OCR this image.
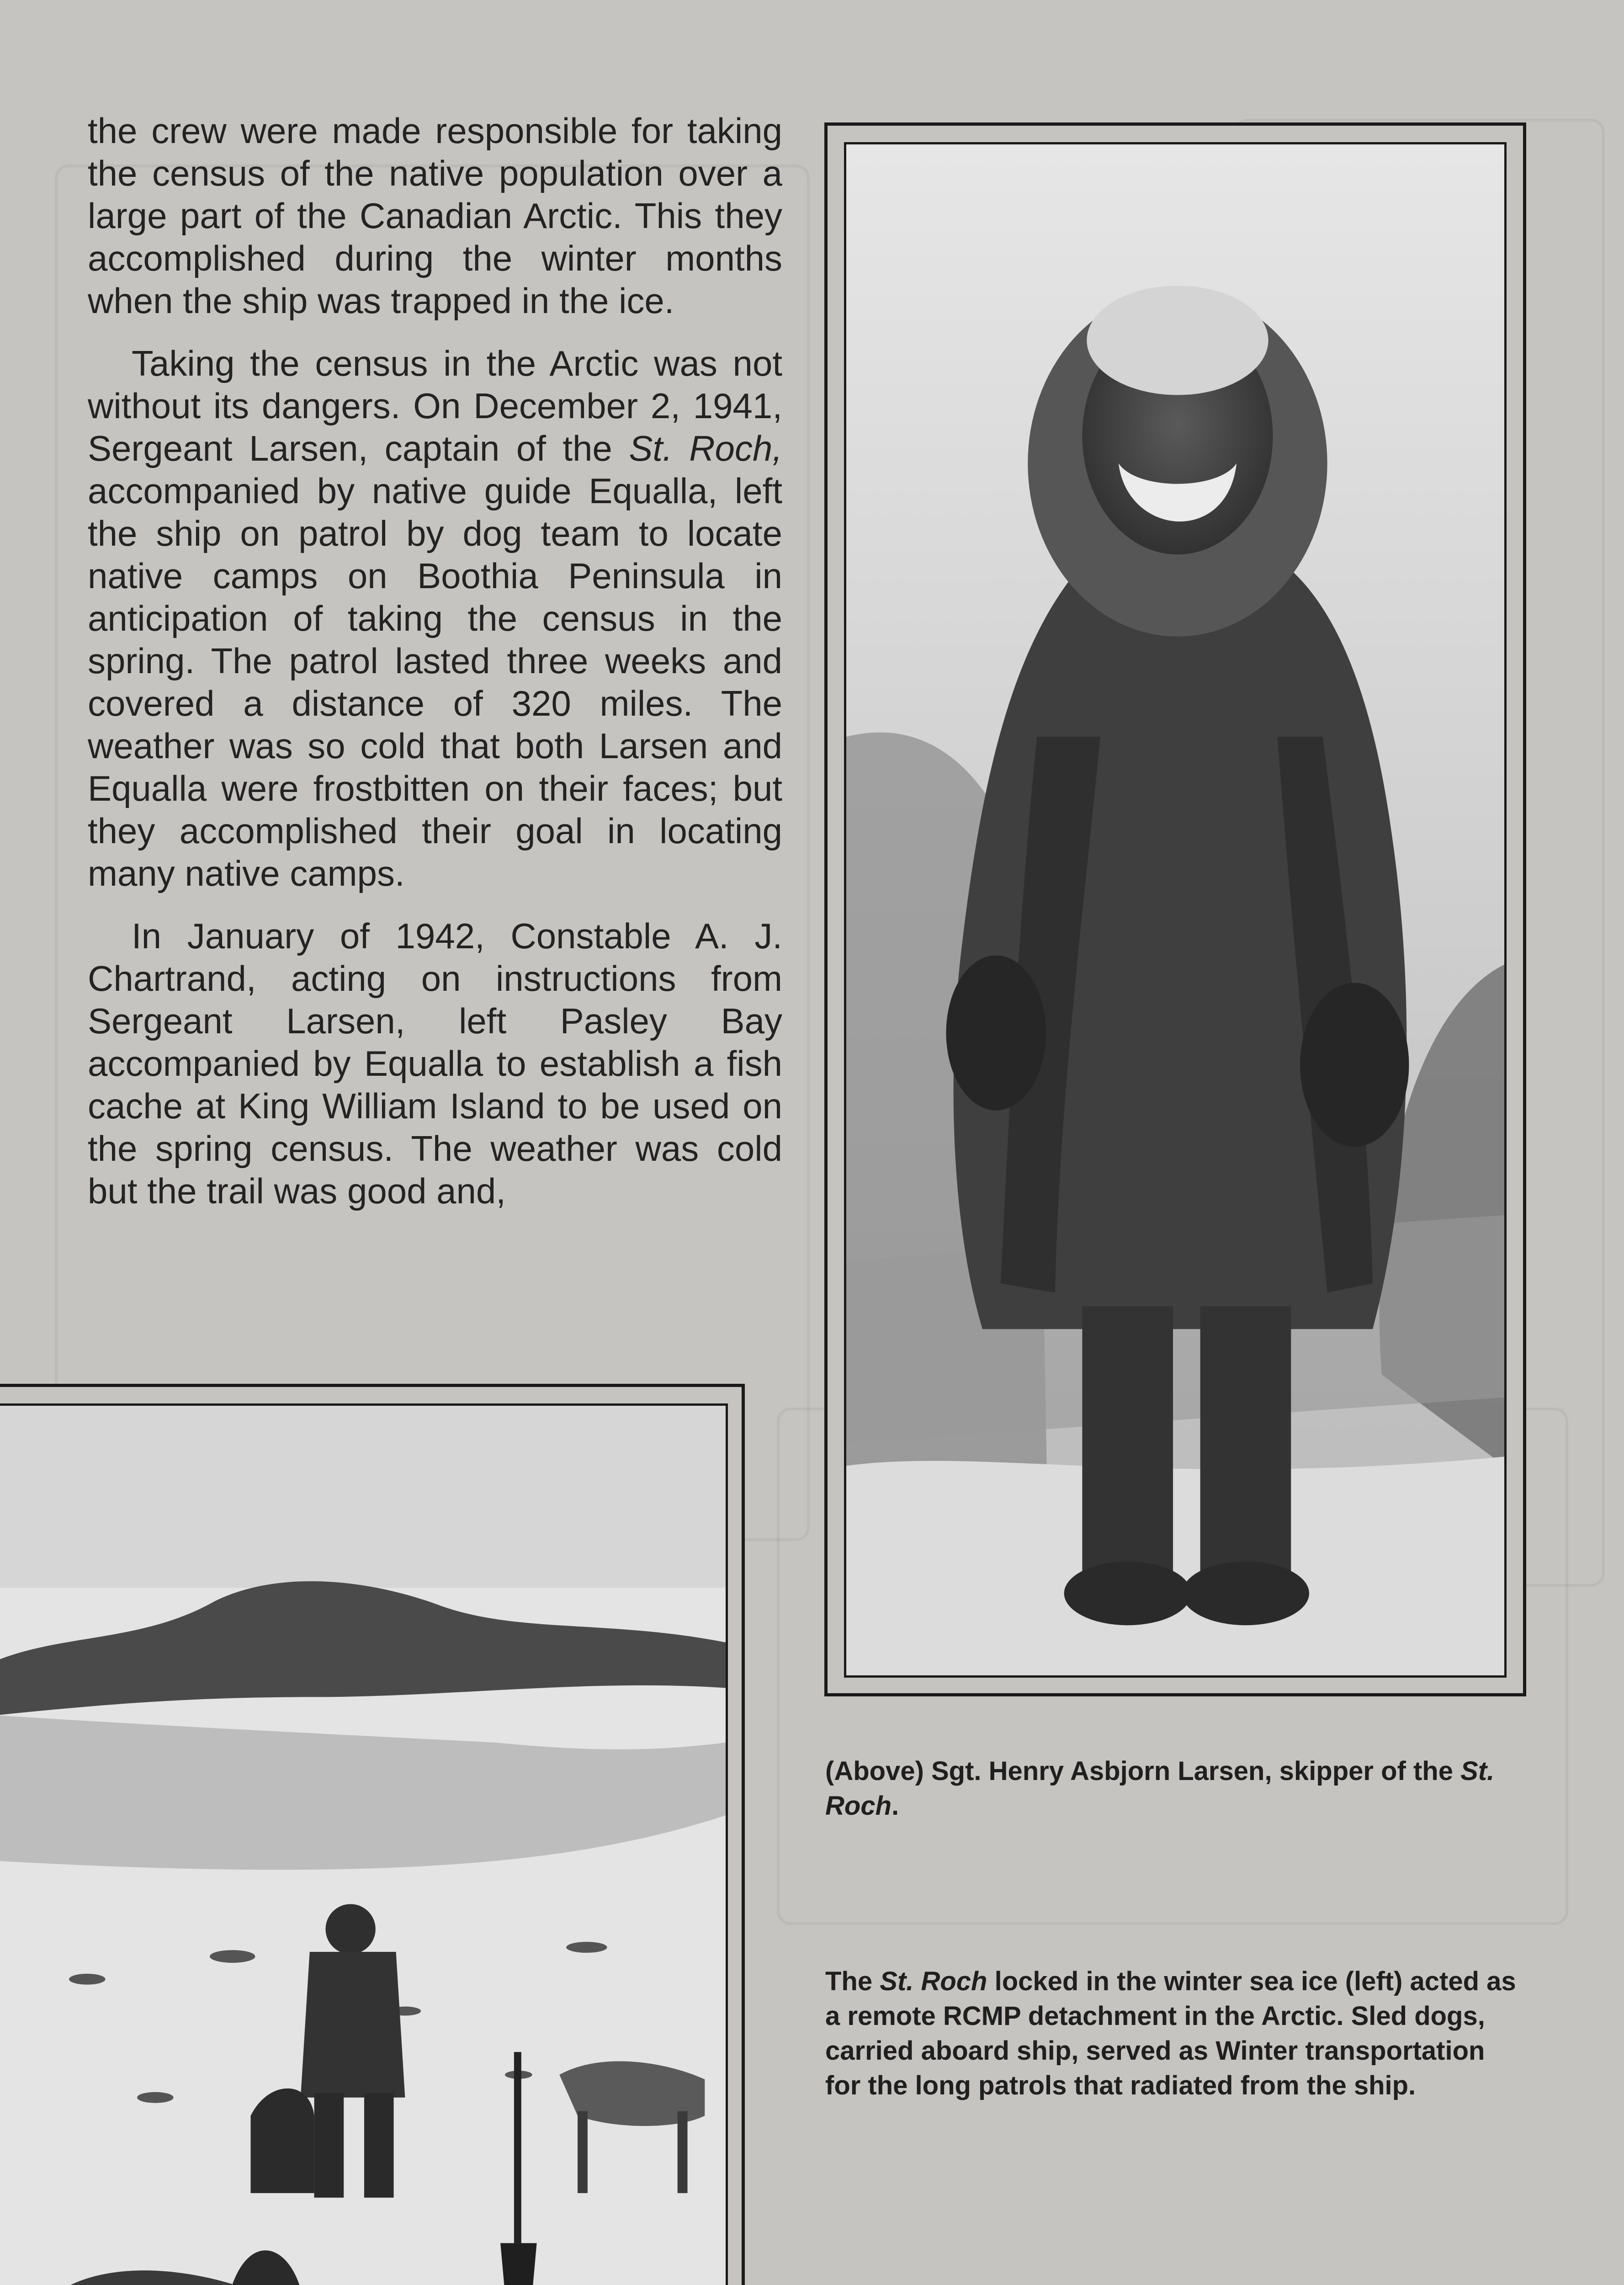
the crew were made responsible for taking the census of the native population over a large part of the Canadian Arctic. This they accomplished during the winter months when the ship was trapped in the ice.

Taking the census in the Arctic was not without its dangers. On December 2, 1941, Sergeant Larsen, captain of the St. Roch, accompanied by native guide Equalla, left the ship on patrol by dog team to locate native camps on Boothia Peninsula in anticipation of taking the census in the spring. The patrol lasted three weeks and covered a distance of 320 miles. The weather was so cold that both Larsen and Equalla were frostbitten on their faces; but they accomplished their goal in locating many native camps.

In January of 1942, Constable A. J. Chartrand, acting on instructions from Sergeant Larsen, left Pasley Bay accompanied by Equalla to establish a fish cache at King William Island to be used on the spring census. The weather was cold but the trail was good and,

(Above) Sgt. Henry Asbjorn Larsen, skipper of the St. Roch.
The St. Roch locked in the winter sea ice (left) acted as a remote RCMP detachment in the Arctic. Sled dogs, carried aboard ship, served as Winter transportation for the long patrols that radiated from the ship.
